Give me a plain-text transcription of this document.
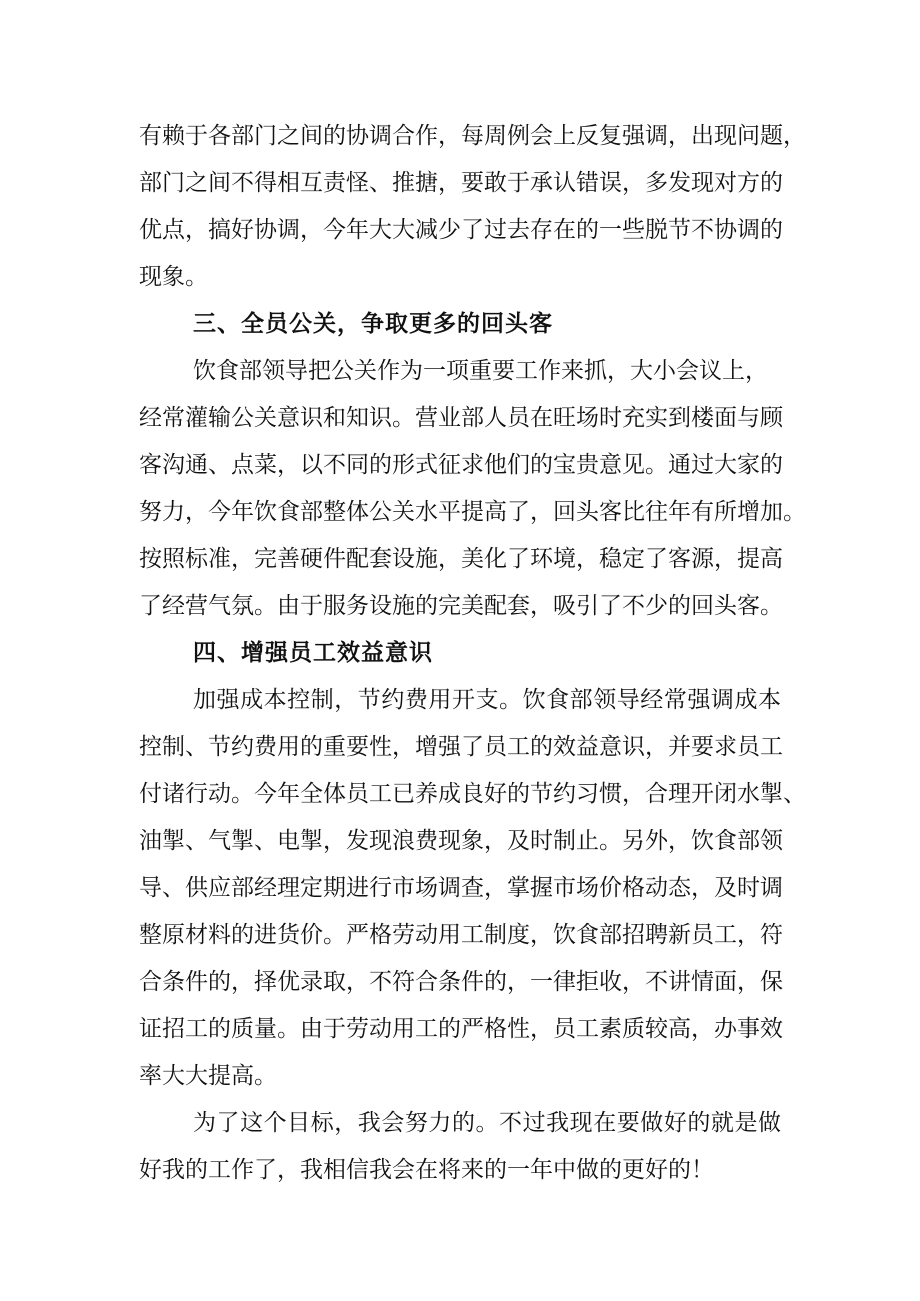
有赖于各部门之间的协调合作，每周例会上反复强调，出现问题，
部门之间不得相互责怪、推搪，要敢于承认错误，多发现对方的
优点，搞好协调，今年大大减少了过去存在的一些脱节不协调的
现象。
三、全员公关，争取更多的回头客
饮食部领导把公关作为一项重要工作来抓，大小会议上，
经常灌输公关意识和知识。营业部人员在旺场时充实到楼面与顾
客沟通、点菜，以不同的形式征求他们的宝贵意见。通过大家的
努力，今年饮食部整体公关水平提高了，回头客比往年有所增加。
按照标准，完善硬件配套设施，美化了环境，稳定了客源，提高
了经营气氛。由于服务设施的完美配套，吸引了不少的回头客。
四、增强员工效益意识
加强成本控制，节约费用开支。饮食部领导经常强调成本
控制、节约费用的重要性，增强了员工的效益意识，并要求员工
付诸行动。今年全体员工已养成良好的节约习惯，合理开闭水掣、
油掣、气掣、电掣，发现浪费现象，及时制止。另外，饮食部领
导、供应部经理定期进行市场调查，掌握市场价格动态，及时调
整原材料的进货价。严格劳动用工制度，饮食部招聘新员工，符
合条件的，择优录取，不符合条件的，一律拒收，不讲情面，保
证招工的质量。由于劳动用工的严格性，员工素质较高，办事效
率大大提高。
为了这个目标，我会努力的。不过我现在要做好的就是做
好我的工作了，我相信我会在将来的一年中做的更好的！
